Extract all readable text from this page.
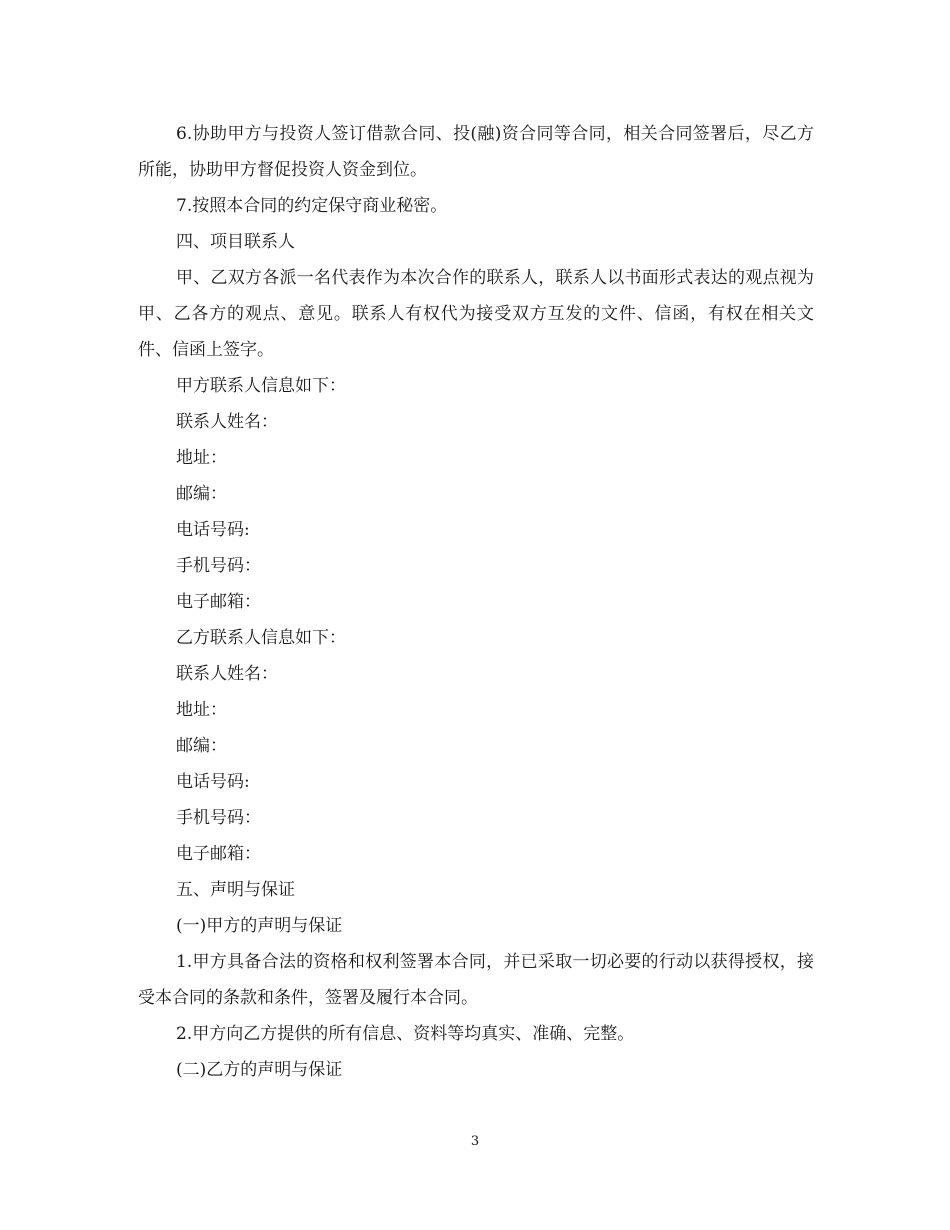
6.协助甲方与投资人签订借款合同、投(融)资合同等合同，相关合同签署后，尽乙方所能，协助甲方督促投资人资金到位。

7.按照本合同的约定保守商业秘密。

四、项目联系人

甲、乙双方各派一名代表作为本次合作的联系人，联系人以书面形式表达的观点视为甲、乙各方的观点、意见。联系人有权代为接受双方互发的文件、信函，有权在相关文件、信函上签字。

甲方联系人信息如下：

联系人姓名：

地址：

邮编：

电话号码:

手机号码：

电子邮箱：

乙方联系人信息如下：

联系人姓名：

地址：

邮编：

电话号码:

手机号码：

电子邮箱：

五、声明与保证

(一)甲方的声明与保证

1.甲方具备合法的资格和权利签署本合同，并已采取一切必要的行动以获得授权，接受本合同的条款和条件，签署及履行本合同。

2.甲方向乙方提供的所有信息、资料等均真实、准确、完整。

(二)乙方的声明与保证

3
